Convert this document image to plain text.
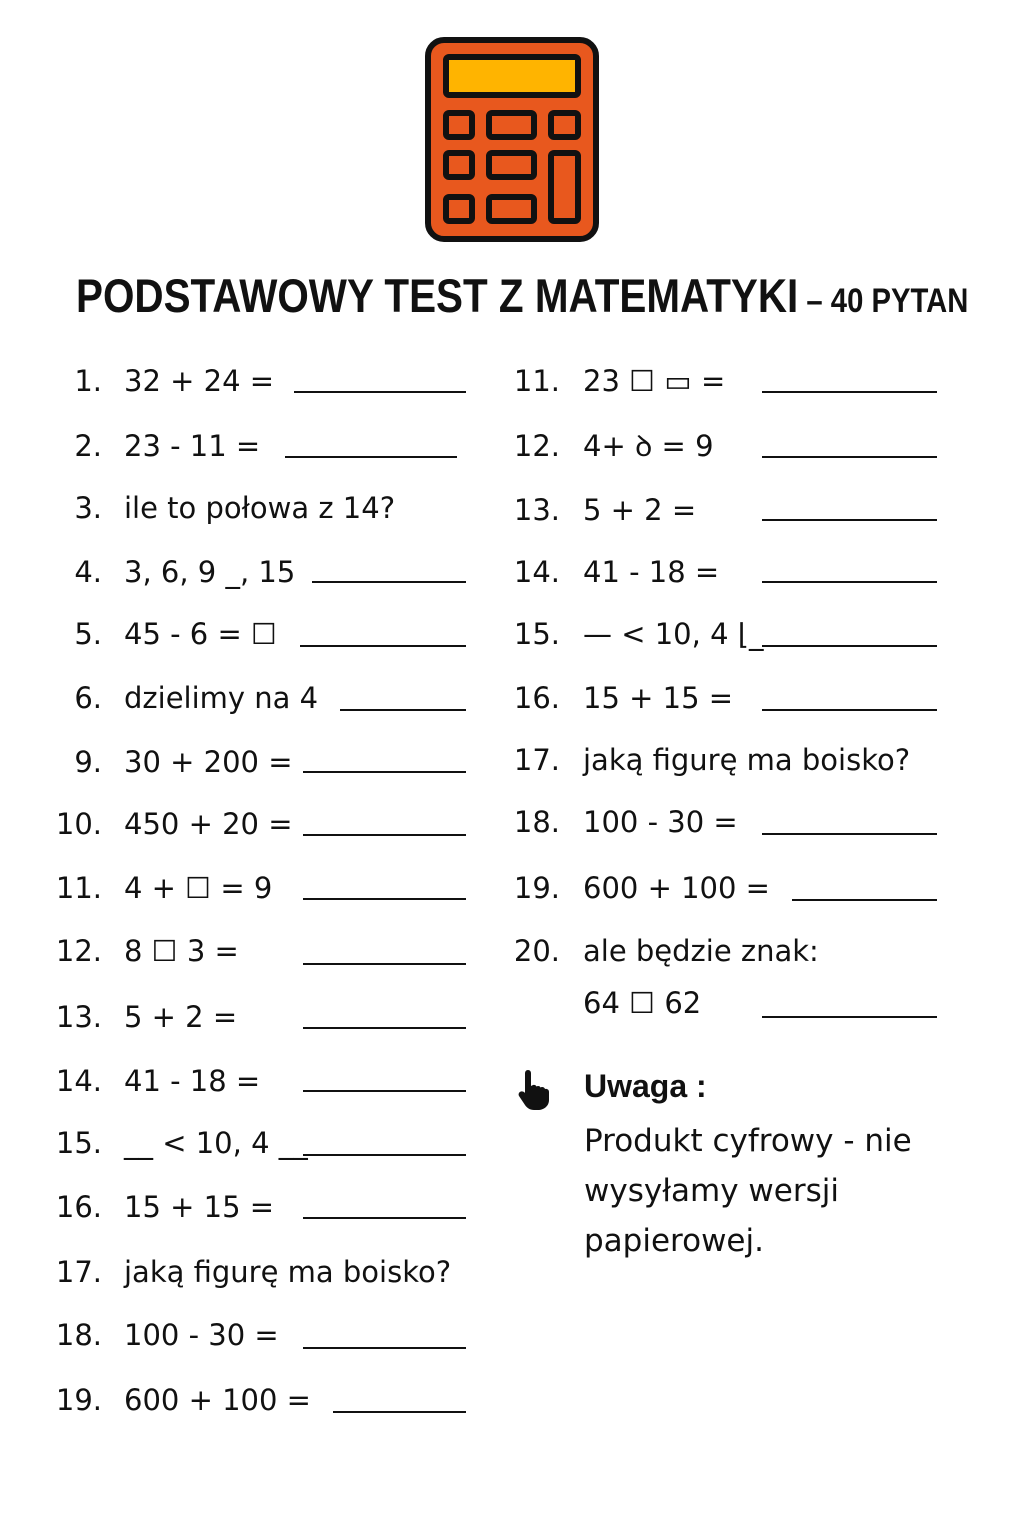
PODSTAWOWY TEST Z MATEMATYKI – 40 PYTAN
1. 32 + 24 =
2. 23 - 11 =
3. ile to połowa z 14?
4. 3, 6, 9 _, 15
5. 45 - 6 = ☐
6. dzielimy na 4
9. 30 + 200 =
10. 450 + 20 =
11. 4 + ☐ = 9
12. 8 ☐ 3 =
13. 5 + 2 =
14. 41 - 18 =
15. __ < 10, 4 __
16. 15 + 15 =
17. jaką figurę ma boisko?
18. 100 - 30 =
19. 600 + 100 =
11. 23 ☐ ▭ =
12. 4+ ꝺ = 9
13. 5 + 2 =
14. 41 - 18 =
15. — < 10, 4 ⌊_
16. 15 + 15 =
17. jaką figurę ma boisko?
18. 100 - 30 =
19. 600 + 100 =
20. ale będzie znak:
64 ☐ 62
Uwaga :
Produkt cyfrowy - nie
wysyłamy wersji
papierowej.
